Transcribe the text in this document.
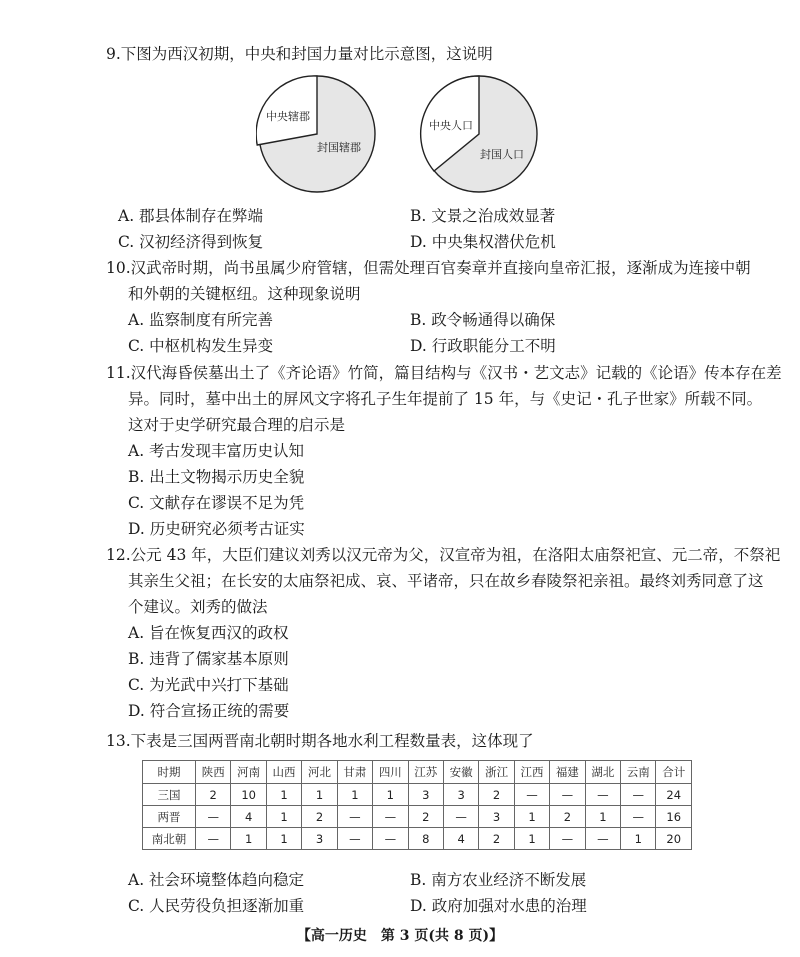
9.下图为西汉初期，中央和封国力量对比示意图，这说明
中央辖郡
封国辖郡
中央人口
封国人口
A. 郡县体制存在弊端	B. 文景之治成效显著
C. 汉初经济得到恢复	D. 中央集权潜伏危机
10.汉武帝时期，尚书虽属少府管辖，但需处理百官奏章并直接向皇帝汇报，逐渐成为连接中朝
和外朝的关键枢纽。这种现象说明
A. 监察制度有所完善	B. 政令畅通得以确保
C. 中枢机构发生异变	D. 行政职能分工不明
11.汉代海昏侯墓出土了《齐论语》竹简，篇目结构与《汉书・艺文志》记载的《论语》传本存在差
异。同时，墓中出土的屏风文字将孔子生年提前了 15 年，与《史记・孔子世家》所载不同。
这对于史学研究最合理的启示是
A. 考古发现丰富历史认知
B. 出土文物揭示历史全貌
C. 文献存在谬误不足为凭
D. 历史研究必须考古证实
12.公元 43 年，大臣们建议刘秀以汉元帝为父，汉宣帝为祖，在洛阳太庙祭祀宣、元二帝，不祭祀
其亲生父祖；在长安的太庙祭祀成、哀、平诸帝，只在故乡春陵祭祀亲祖。最终刘秀同意了这
个建议。刘秀的做法
A. 旨在恢复西汉的政权
B. 违背了儒家基本原则
C. 为光武中兴打下基础
D. 符合宣扬正统的需要
13.下表是三国两晋南北朝时期各地水利工程数量表，这体现了
时期	陕西	河南	山西	河北	甘肃	四川	江苏	安徽	浙江	江西	福建	湖北	云南	合计
三国	2	10	1	1	1	1	3	3	2	—	—	—	—	24
两晋	—	4	1	2	—	—	2	—	3	1	2	1	—	16
南北朝	—	1	1	3	—	—	8	4	2	1	—	—	1	20
A. 社会环境整体趋向稳定	B. 南方农业经济不断发展
C. 人民劳役负担逐渐加重	D. 政府加强对水患的治理
【高一历史　第 3 页(共 8 页)】
